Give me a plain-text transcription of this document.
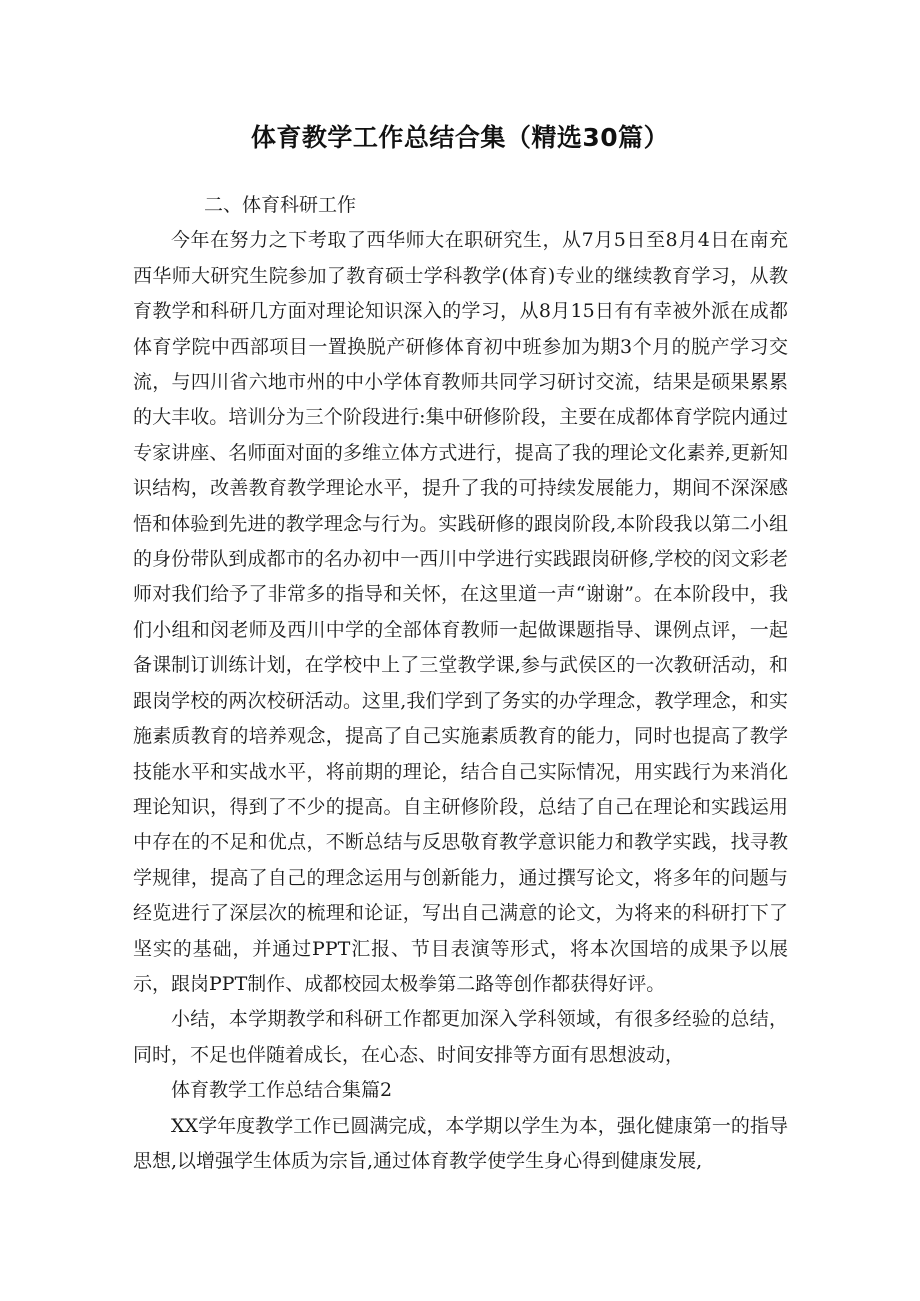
体育教学工作总结合集（精选30篇）

二、体育科研工作

今年在努力之下考取了西华师大在职研究生，从7月5日至8月4日在南充西华师大研究生院参加了教育硕士学科教学(体育)专业的继续教育学习，从教育教学和科研几方面对理论知识深入的学习，从8月15日有有幸被外派在成都体育学院中西部项目一置换脱产研修体育初中班参加为期3个月的脱产学习交流，与四川省六地市州的中小学体育教师共同学习研讨交流，结果是硕果累累的大丰收。培训分为三个阶段进行:集中研修阶段，主要在成都体育学院内通过专家讲座、名师面对面的多维立体方式进行，提高了我的理论文化素养,更新知识结构，改善教育教学理论水平，提升了我的可持续发展能力，期间不深深感悟和体验到先进的教学理念与行为。实践研修的跟岗阶段,本阶段我以第二小组的身份带队到成都市的名办初中一西川中学进行实践跟岗研修,学校的闵文彩老师对我们给予了非常多的指导和关怀，在这里道一声“谢谢”。在本阶段中，我们小组和闵老师及西川中学的全部体育教师一起做课题指导、课例点评，一起备课制订训练计划，在学校中上了三堂教学课,参与武侯区的一次教研活动，和跟岗学校的两次校研活动。这里,我们学到了务实的办学理念，教学理念，和实施素质教育的培养观念，提高了自己实施素质教育的能力，同时也提高了教学技能水平和实战水平，将前期的理论，结合自己实际情况，用实践行为来消化理论知识，得到了不少的提高。自主研修阶段，总结了自己在理论和实践运用中存在的不足和优点，不断总结与反思敬育教学意识能力和教学实践，找寻教学规律，提高了自己的理念运用与创新能力，通过撰写论文，将多年的问题与经览进行了深层次的梳理和论证，写出自己满意的论文，为将来的科研打下了坚实的基础，并通过PPT汇报、节目表演等形式，将本次国培的成果予以展示，跟岗PPT制作、成都校园太极拳第二路等创作都获得好评。

小结，本学期教学和科研工作都更加深入学科领域，有很多经验的总结，同时，不足也伴随着成长，在心态、时间安排等方面有思想波动，

体育教学工作总结合集篇2

XX学年度教学工作已圆满完成，本学期以学生为本，强化健康第一的指导思想,以增强学生体质为宗旨,通过体育教学使学生身心得到健康发展,
